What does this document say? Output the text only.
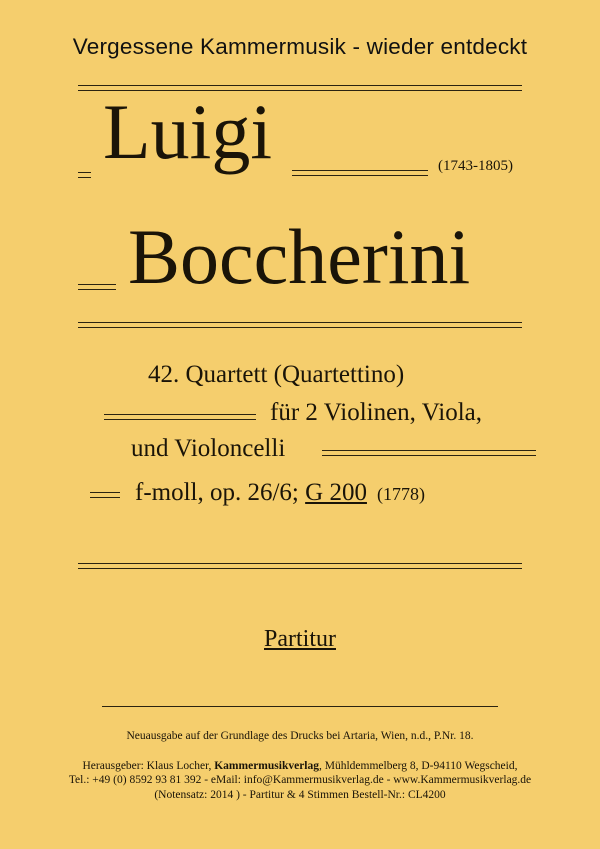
Vergessene Kammermusik - wieder entdeckt
Luigi	(1743-1805)
Boccherini
42. Quartett (Quartettino)
für 2 Violinen, Viola,
und Violoncelli
f-moll, op. 26/6; G 200 (1778)
Partitur
Neuausgabe auf der Grundlage des Drucks bei Artaria, Wien, n.d., P.Nr. 18.
Herausgeber: Klaus Locher, Kammermusikverlag, Mühldemmelberg 8, D-94110 Wegscheid,
Tel.: +49 (0) 8592 93 81 392 - eMail: info@Kammermusikverlag.de - www.Kammermusikverlag.de
(Notensatz: 2014 ) - Partitur & 4 Stimmen Bestell-Nr.: CL4200
